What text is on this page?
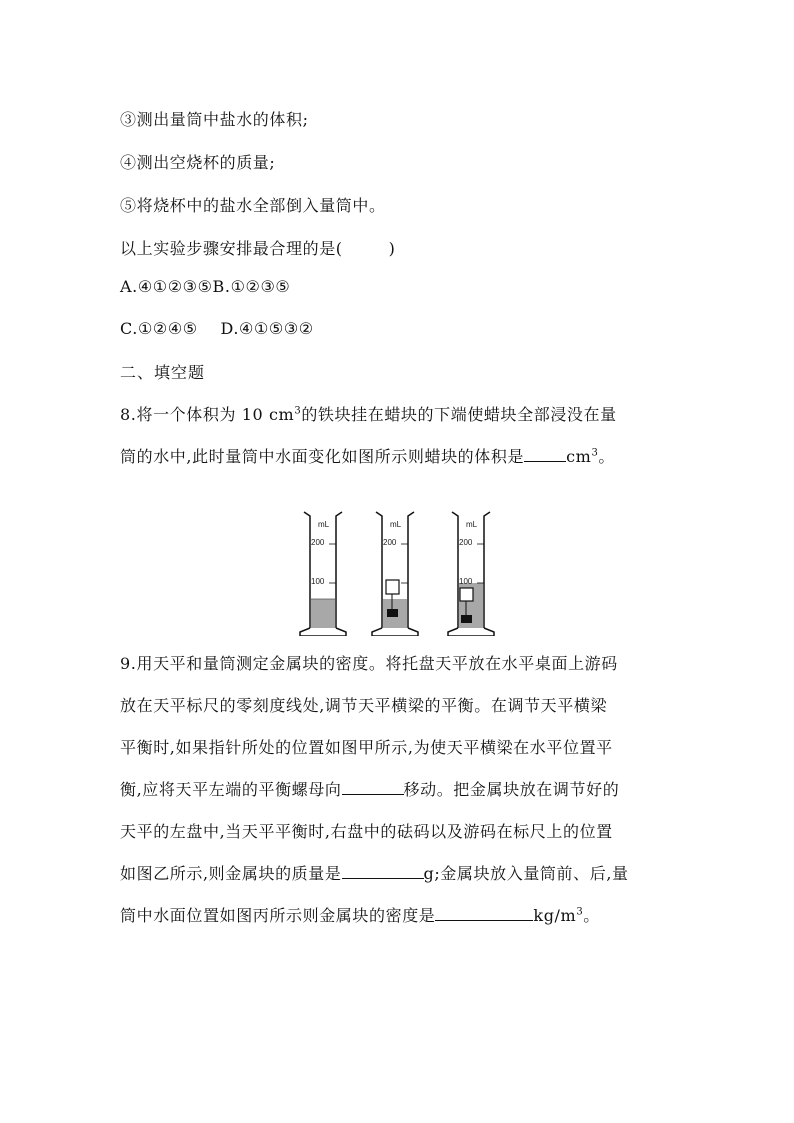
③测出量筒中盐水的体积;
④测出空烧杯的质量;
⑤将烧杯中的盐水全部倒入量筒中。
以上实验步骤安排最合理的是(	)
A.④①②③⑤B.①②③⑤
C.①②④⑤    D.④①⑤③②
二、填空题
8.将一个体积为 10 $cm^3$的铁块挂在蜡块的下端使蜡块全部浸没在量
筒的水中,此时量筒中水面变化如图所示则蜡块的体积是	$cm^3$。
mL
200
100
mL
200
mL
200
100
9.用天平和量筒测定金属块的密度。将托盘天平放在水平桌面上游码
放在天平标尺的零刻度线处,调节天平横梁的平衡。在调节天平横梁
平衡时,如果指针所处的位置如图甲所示,为使天平横梁在水平位置平
衡,应将天平左端的平衡螺母向	移动。把金属块放在调节好的
天平的左盘中,当天平平衡时,右盘中的砝码以及游码在标尺上的位置
如图乙所示,则金属块的质量是	g;金属块放入量筒前、后,量
筒中水面位置如图丙所示则金属块的密度是	$kg/m^3$。
